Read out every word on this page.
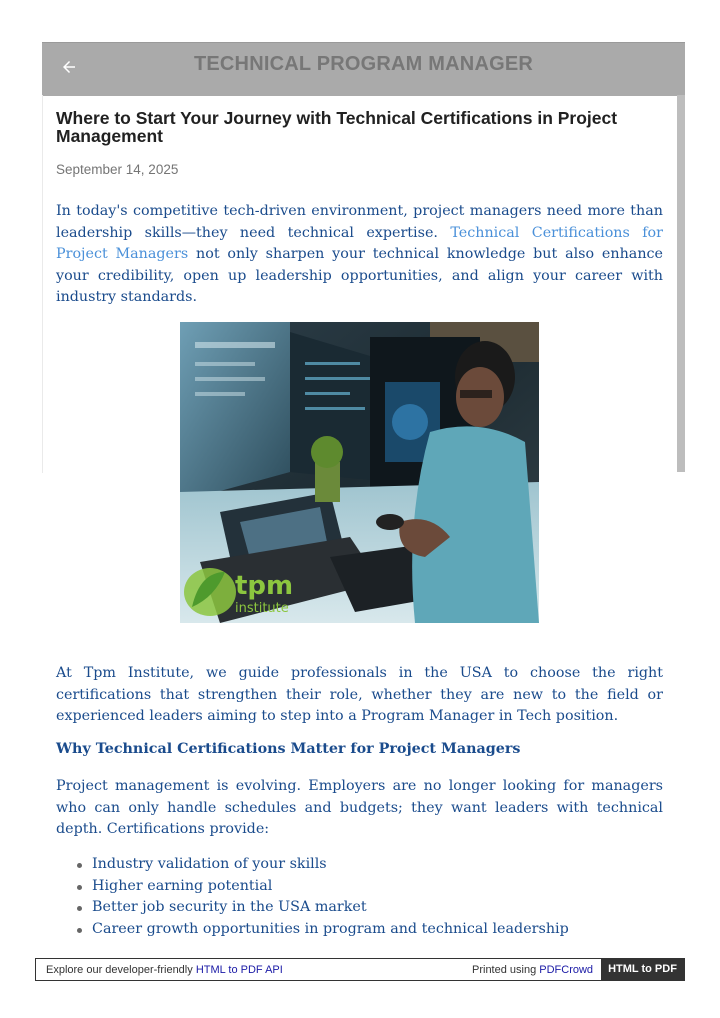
TECHNICAL PROGRAM MANAGER
Where to Start Your Journey with Technical Certifications in Project Management
September 14, 2025

In today's competitive tech-driven environment, project managers need more than leadership skills—they need technical expertise. Technical Certifications for Project Managers not only sharpen your technical knowledge but also enhance your credibility, open up leadership opportunities, and align your career with industry standards.

tpm
institute

At Tpm Institute, we guide professionals in the USA to choose the right certifications that strengthen their role, whether they are new to the field or experienced leaders aiming to step into a Program Manager in Tech position.

Why Technical Certifications Matter for Project Managers

Project management is evolving. Employers are no longer looking for managers who can only handle schedules and budgets; they want leaders with technical depth. Certifications provide:

Industry validation of your skills
Higher earning potential
Better job security in the USA market
Career growth opportunities in program and technical leadership
Explore our developer-friendly HTML to PDF API	Printed using PDFCrowd	HTML to PDF
